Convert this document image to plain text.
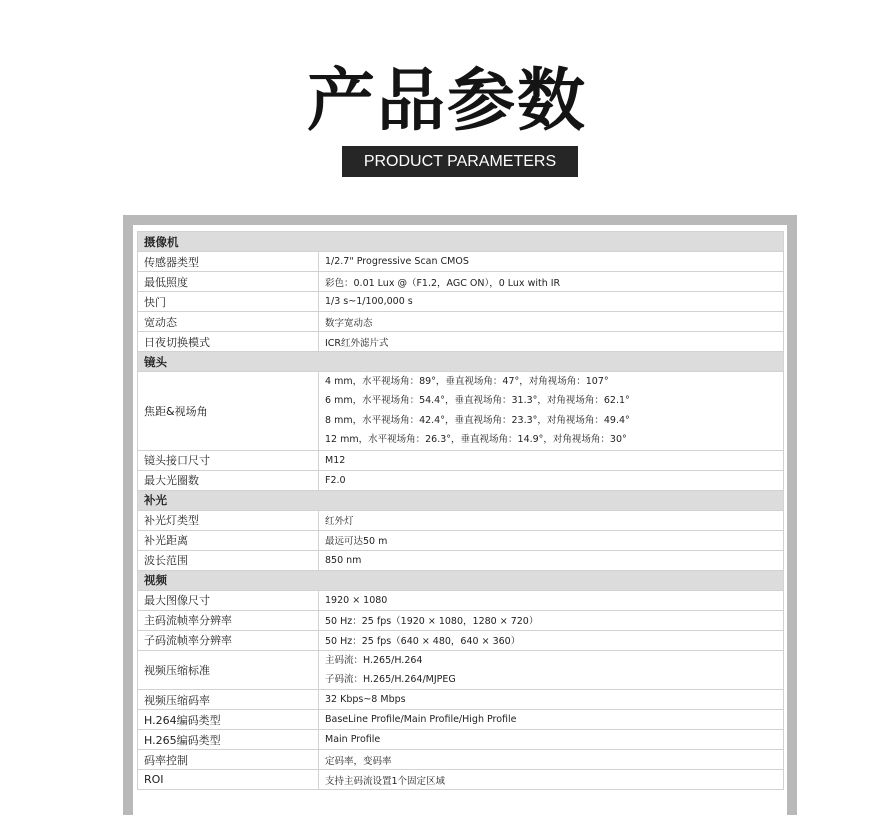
产品参数
PRODUCT PARAMETERS
摄像机	
传感器类型	1/2.7" Progressive Scan CMOS
最低照度	彩色：0.01 Lux @（F1.2，AGC ON），0 Lux with IR
快门	1/3 s~1/100,000 s
宽动态	数字宽动态
日夜切换模式	ICR红外滤片式
镜头	
焦距&视场角	4 mm，水平视场角：89°，垂直视场角：47°，对角视场角：107°
6 mm，水平视场角：54.4°，垂直视场角：31.3°，对角视场角：62.1°
8 mm，水平视场角：42.4°，垂直视场角：23.3°，对角视场角：49.4°
12 mm，水平视场角：26.3°，垂直视场角：14.9°，对角视场角：30°

镜头接口尺寸	M12
最大光圈数	F2.0
补光	
补光灯类型	红外灯
补光距离	最远可达50 m
波长范围	850 nm
视频	
最大图像尺寸	1920 × 1080
主码流帧率分辨率	50 Hz：25 fps（1920 × 1080，1280 × 720）
子码流帧率分辨率	50 Hz：25 fps（640 × 480，640 × 360）
视频压缩标准	主码流：H.265/H.264
子码流：H.265/H.264/MJPEG

视频压缩码率	32 Kbps~8 Mbps
H.264编码类型	BaseLine Profile/Main Profile/High Profile
H.265编码类型	Main Profile
码率控制	定码率，变码率
ROI	支持主码流设置1个固定区域
